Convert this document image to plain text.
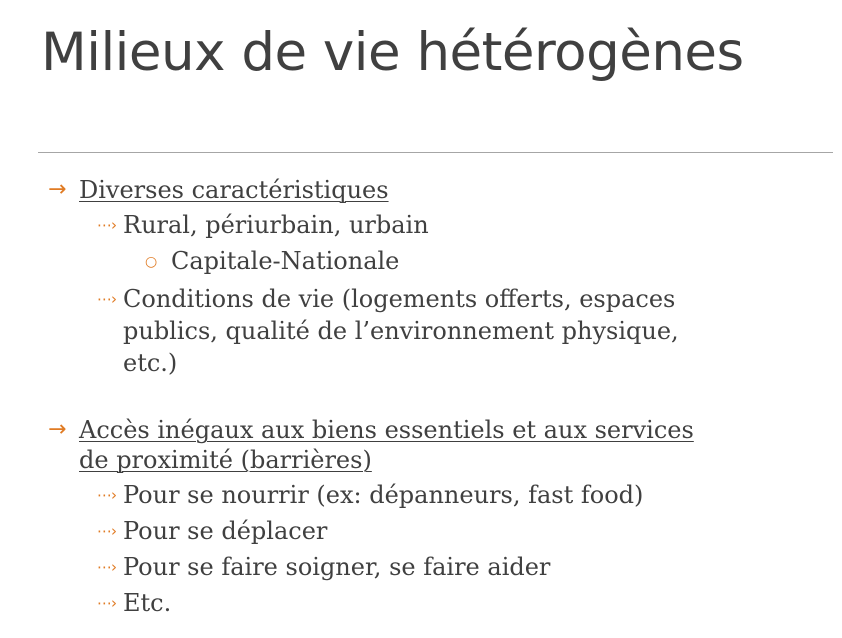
Milieux de vie hétérogènes
→ Diverses caractéristiques
⋯› Rural, périurbain, urbain
○ Capitale-Nationale
⋯› Conditions de vie (logements offerts, espaces publics, qualité de l’environnement physique, etc.)
→ Accès inégaux aux biens essentiels et aux services de proximité (barrières)
⋯› Pour se nourrir (ex: dépanneurs, fast food)
⋯› Pour se déplacer
⋯› Pour se faire soigner, se faire aider
⋯› Etc.
